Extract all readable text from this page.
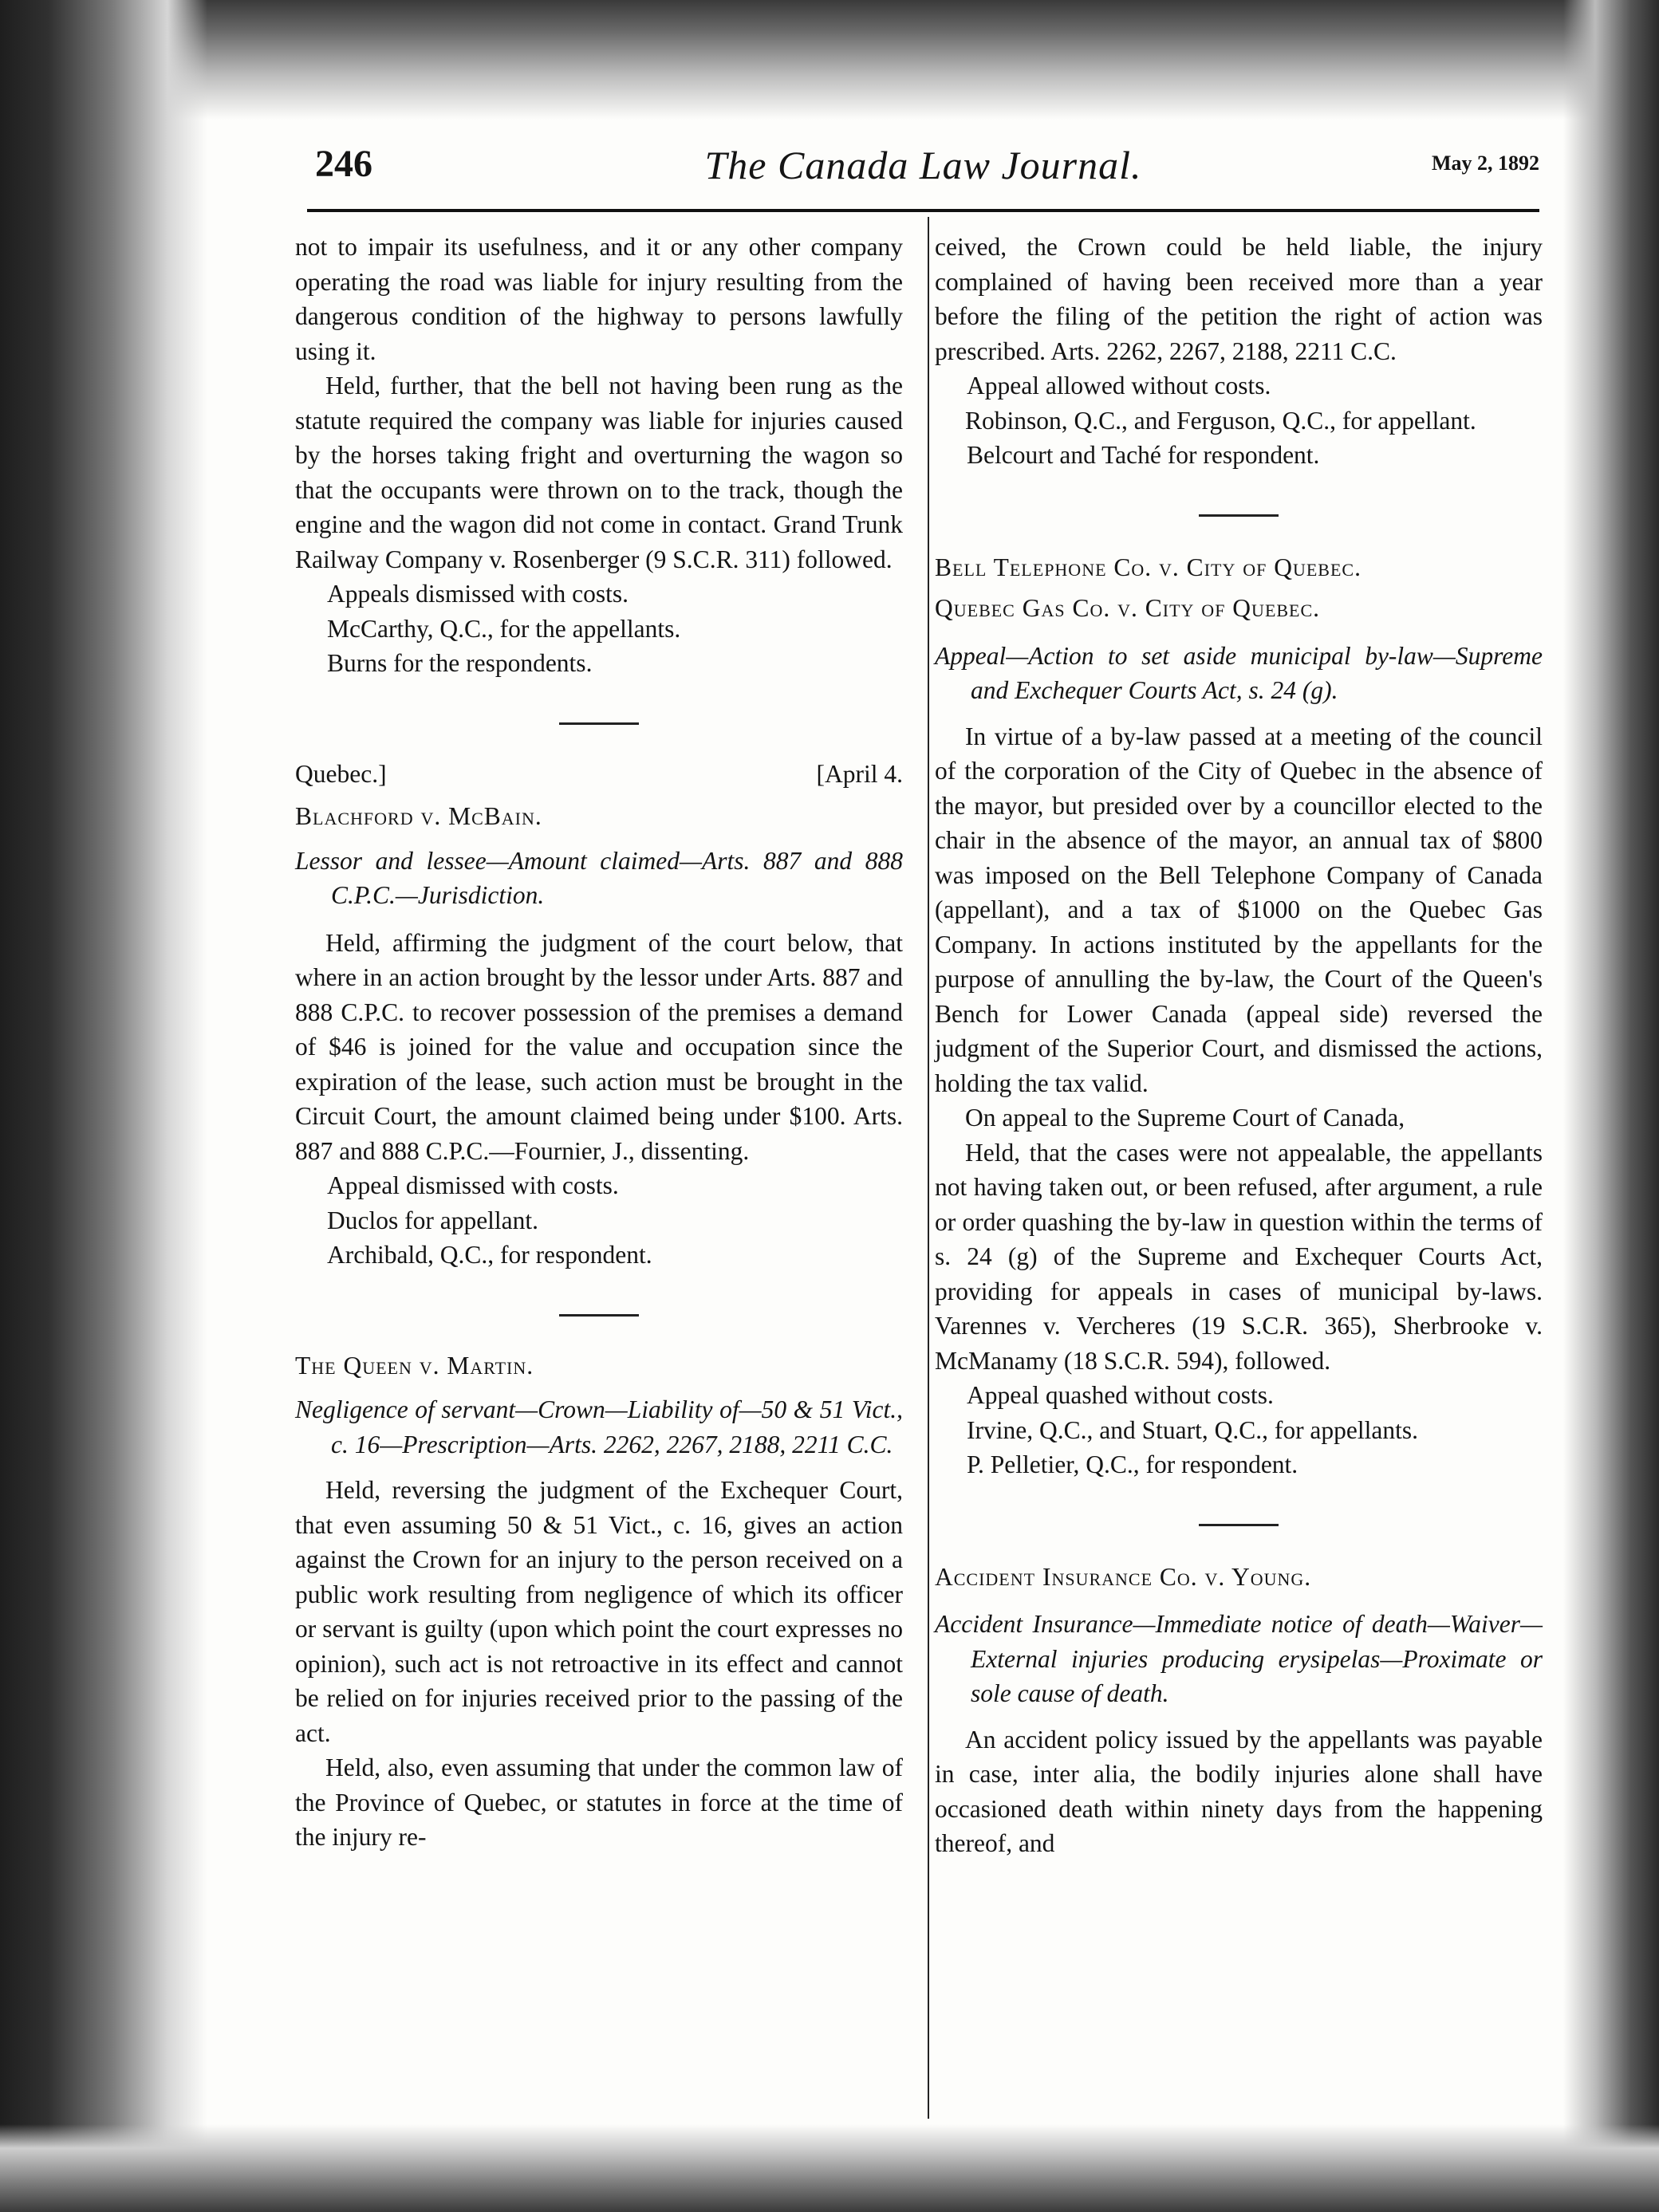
246	The Canada Law Journal.	May 2, 1892

not to impair its usefulness, and it or any other company operating the road was liable for injury resulting from the dangerous condition of the highway to persons lawfully using it.

Held, further, that the bell not having been rung as the statute required the company was liable for injuries caused by the horses taking fright and overturning the wagon so that the occupants were thrown on to the track, though the engine and the wagon did not come in contact. Grand Trunk Railway Company v. Rosenberger (9 S.C.R. 311) followed.

Appeals dismissed with costs.

McCarthy, Q.C., for the appellants.

Burns for the respondents.

Quebec.]	[April 4.

Blachford v. McBain.

Lessor and lessee—Amount claimed—Arts. 887 and 888 C.P.C.—Jurisdiction.

Held, affirming the judgment of the court below, that where in an action brought by the lessor under Arts. 887 and 888 C.P.C. to recover possession of the premises a demand of $46 is joined for the value and occupation since the expiration of the lease, such action must be brought in the Circuit Court, the amount claimed being under $100. Arts. 887 and 888 C.P.C.—Fournier, J., dissenting.

Appeal dismissed with costs.

Duclos for appellant.

Archibald, Q.C., for respondent.

The Queen v. Martin.

Negligence of servant—Crown—Liability of—50 & 51 Vict., c. 16—Prescription—Arts. 2262, 2267, 2188, 2211 C.C.

Held, reversing the judgment of the Exchequer Court, that even assuming 50 & 51 Vict., c. 16, gives an action against the Crown for an injury to the person received on a public work resulting from negligence of which its officer or servant is guilty (upon which point the court expresses no opinion), such act is not retroactive in its effect and cannot be relied on for injuries received prior to the passing of the act.

Held, also, even assuming that under the common law of the Province of Quebec, or statutes in force at the time of the injury re-

ceived, the Crown could be held liable, the injury complained of having been received more than a year before the filing of the petition the right of action was prescribed. Arts. 2262, 2267, 2188, 2211 C.C.

Appeal allowed without costs.

Robinson, Q.C., and Ferguson, Q.C., for appellant.

Belcourt and Taché for respondent.

Bell Telephone Co. v. City of Quebec.

Quebec Gas Co. v. City of Quebec.

Appeal—Action to set aside municipal by-law—Supreme and Exchequer Courts Act, s. 24 (g).

In virtue of a by-law passed at a meeting of the council of the corporation of the City of Quebec in the absence of the mayor, but presided over by a councillor elected to the chair in the absence of the mayor, an annual tax of $800 was imposed on the Bell Telephone Company of Canada (appellant), and a tax of $1000 on the Quebec Gas Company. In actions instituted by the appellants for the purpose of annulling the by-law, the Court of the Queen's Bench for Lower Canada (appeal side) reversed the judgment of the Superior Court, and dismissed the actions, holding the tax valid.

On appeal to the Supreme Court of Canada,

Held, that the cases were not appealable, the appellants not having taken out, or been refused, after argument, a rule or order quashing the by-law in question within the terms of s. 24 (g) of the Supreme and Exchequer Courts Act, providing for appeals in cases of municipal by-laws. Varennes v. Vercheres (19 S.C.R. 365), Sherbrooke v. McManamy (18 S.C.R. 594), followed.

Appeal quashed without costs.

Irvine, Q.C., and Stuart, Q.C., for appellants.

P. Pelletier, Q.C., for respondent.

Accident Insurance Co. v. Young.

Accident Insurance—Immediate notice of death—Waiver—External injuries producing erysipelas—Proximate or sole cause of death.

An accident policy issued by the appellants was payable in case, inter alia, the bodily injuries alone shall have occasioned death within ninety days from the happening thereof, and
